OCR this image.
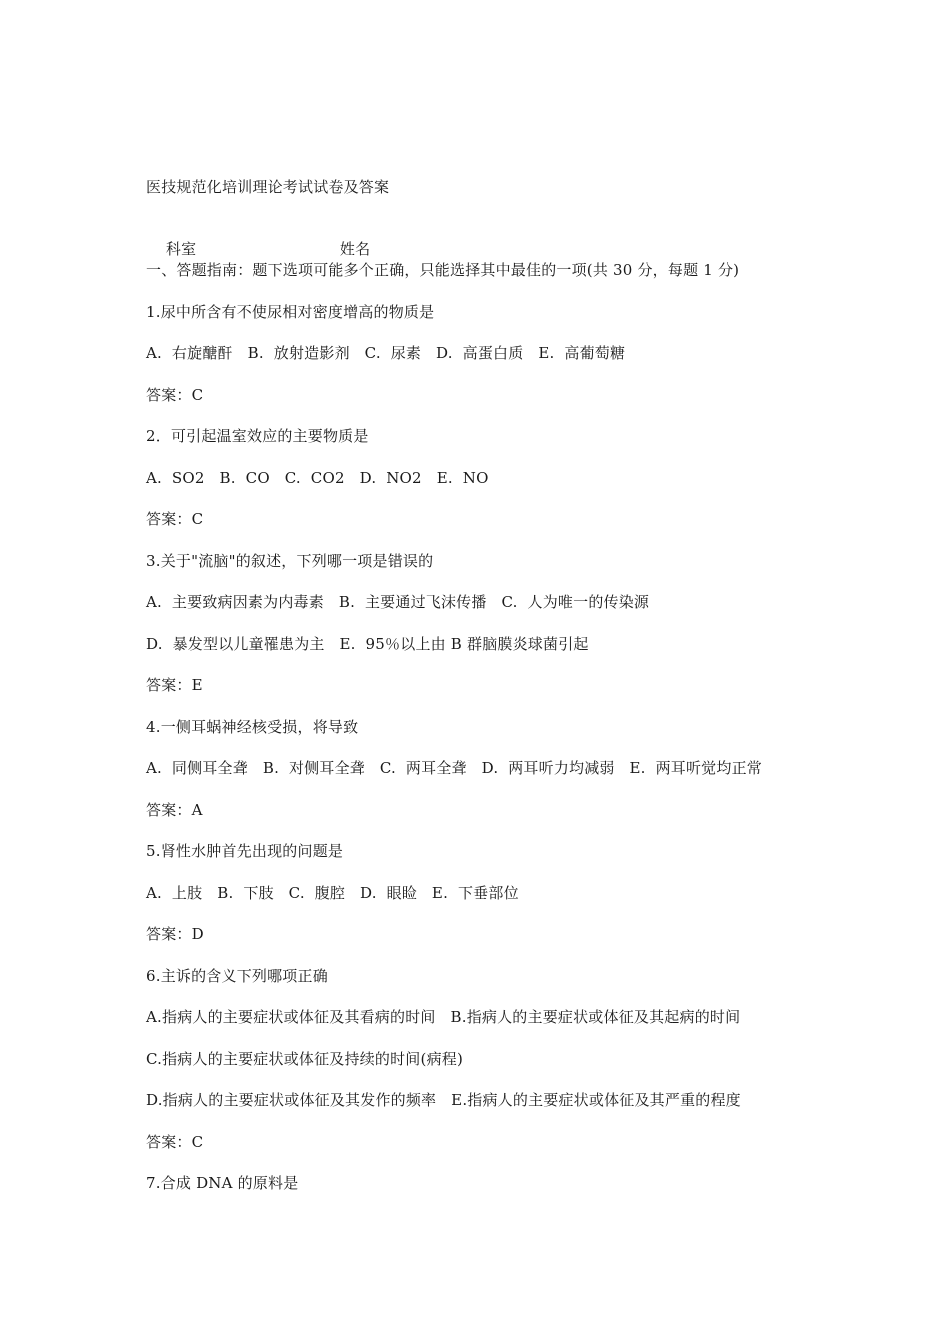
医技规范化培训理论考试试卷及答案

科室	姓名

一、答题指南：题下选项可能多个正确，只能选择其中最佳的一项(共 30 分，每题 1 分)
1.尿中所含有不使尿相对密度增高的物质是
A.  右旋醣酐   B.  放射造影剂   C.  尿素   D.  高蛋白质   E.  高葡萄糖
答案：C
2．可引起温室效应的主要物质是
A.  SO2   B.  CO   C.  CO2   D.  NO2   E.  NO
答案：C
3.关于"流脑"的叙述，下列哪一项是错误的
A.  主要致病因素为内毒素   B.  主要通过飞沫传播   C.  人为唯一的传染源
D.  暴发型以儿童罹患为主   E.  95％以上由 B 群脑膜炎球菌引起
答案：E
4.一侧耳蜗神经核受损，将导致
A.  同侧耳全聋   B.  对侧耳全聋   C.  两耳全聋   D.  两耳听力均减弱   E.  两耳听觉均正常
答案：A
5.肾性水肿首先出现的问题是
A.  上肢   B.  下肢   C.  腹腔   D.  眼睑   E.  下垂部位
答案：D
6.主诉的含义下列哪项正确
A.指病人的主要症状或体征及其看病的时间   B.指病人的主要症状或体征及其起病的时间
C.指病人的主要症状或体征及持续的时间(病程)
D.指病人的主要症状或体征及其发作的频率   E.指病人的主要症状或体征及其严重的程度
答案：C
7.合成 DNA 的原料是
